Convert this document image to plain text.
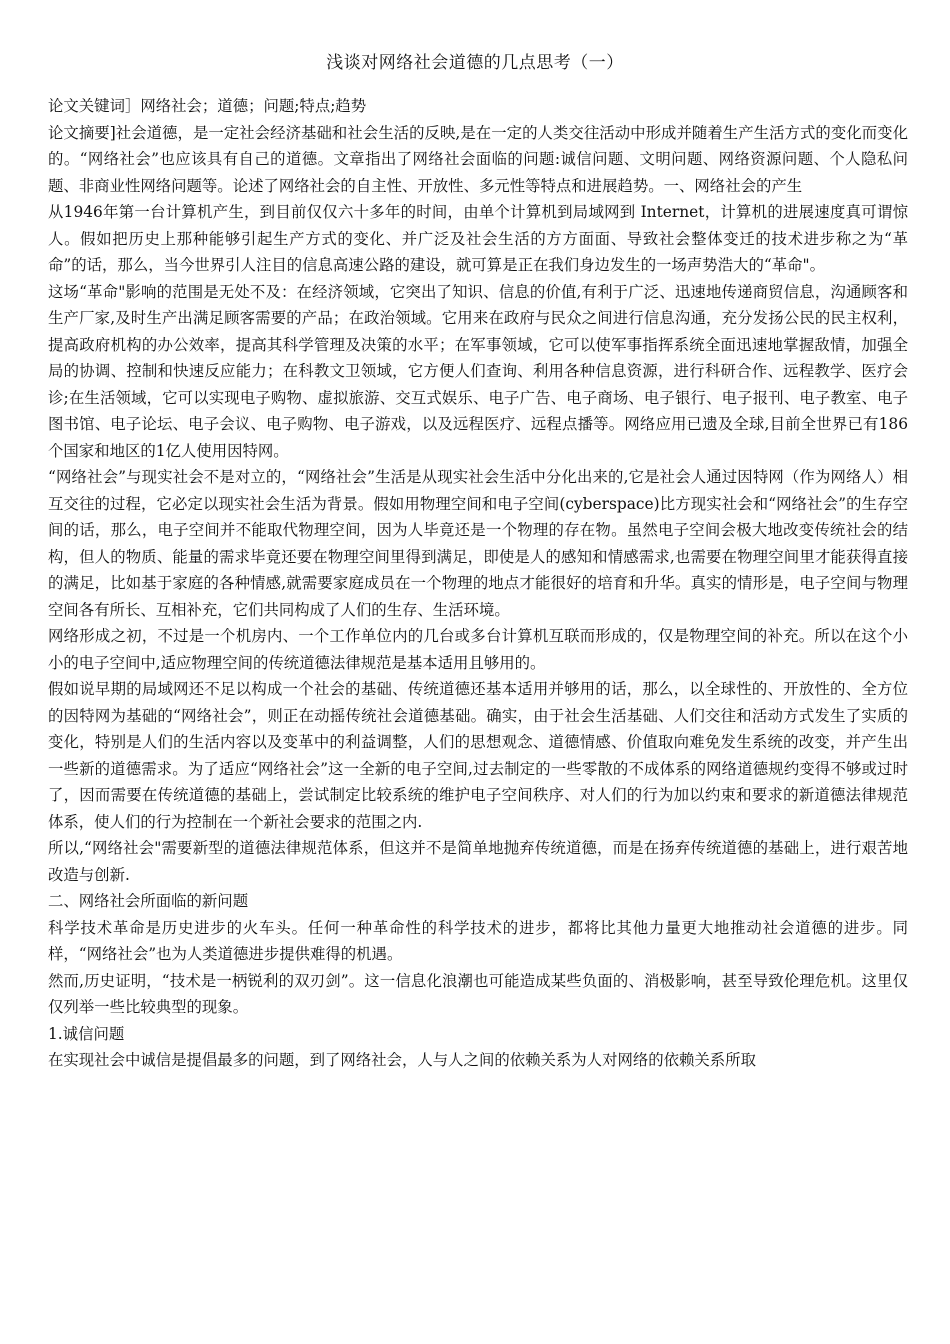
浅谈对网络社会道德的几点思考（一）

论文关键词］网络社会；道德；问题;特点;趋势

论文摘要]社会道德，是一定社会经济基础和社会生活的反映,是在一定的人类交往活动中形成并随着生产生活方式的变化而变化的。“网络社会”也应该具有自己的道德。文章指出了网络社会面临的问题:诚信问题、文明问题、网络资源问题、个人隐私问题、非商业性网络问题等。论述了网络社会的自主性、开放性、多元性等特点和进展趋势。一、网络社会的产生

从1946年第一台计算机产生，到目前仅仅六十多年的时间，由单个计算机到局域网到 Internet，计算机的进展速度真可谓惊人。假如把历史上那种能够引起生产方式的变化、并广泛及社会生活的方方面面、导致社会整体变迁的技术进步称之为“革命”的话，那么，当今世界引人注目的信息高速公路的建设，就可算是正在我们身边发生的一场声势浩大的“革命"。

这场“革命"影响的范围是无处不及：在经济领域，它突出了知识、信息的价值,有利于广泛、迅速地传递商贸信息，沟通顾客和生产厂家,及时生产出满足顾客需要的产品；在政治领域。它用来在政府与民众之间进行信息沟通，充分发扬公民的民主权利，提高政府机构的办公效率，提高其科学管理及决策的水平；在军事领域，它可以使军事指挥系统全面迅速地掌握敌情，加强全局的协调、控制和快速反应能力；在科教文卫领域，它方便人们查询、利用各种信息资源，进行科研合作、远程教学、医疗会诊;在生活领域，它可以实现电子购物、虚拟旅游、交互式娱乐、电子广告、电子商场、电子银行、电子报刊、电子教室、电子图书馆、电子论坛、电子会议、电子购物、电子游戏，以及远程医疗、远程点播等。网络应用已遗及全球,目前全世界已有186个国家和地区的1亿人使用因特网。

“网络社会”与现实社会不是对立的，“网络社会”生活是从现实社会生活中分化出来的,它是社会人通过因特网（作为网络人）相互交往的过程，它必定以现实社会生活为背景。假如用物理空间和电子空间(cyberspace)比方现实社会和“网络社会”的生存空间的话，那么，电子空间并不能取代物理空间，因为人毕竟还是一个物理的存在物。虽然电子空间会极大地改变传统社会的结构，但人的物质、能量的需求毕竟还要在物理空间里得到满足，即使是人的感知和情感需求,也需要在物理空间里才能获得直接的满足，比如基于家庭的各种情感,就需要家庭成员在一个物理的地点才能很好的培育和升华。真实的情形是，电子空间与物理空间各有所长、互相补充，它们共同构成了人们的生存、生活环境。

网络形成之初，不过是一个机房内、一个工作单位内的几台或多台计算机互联而形成的，仅是物理空间的补充。所以在这个小小的电子空间中,适应物理空间的传统道德法律规范是基本适用且够用的。

假如说早期的局域网还不足以构成一个社会的基础、传统道德还基本适用并够用的话，那么，以全球性的、开放性的、全方位的因特网为基础的“网络社会”，则正在动摇传统社会道德基础。确实，由于社会生活基础、人们交往和活动方式发生了实质的变化，特别是人们的生活内容以及变革中的利益调整，人们的思想观念、道德情感、价值取向难免发生系统的改变，并产生出一些新的道德需求。为了适应“网络社会”这一全新的电子空间,过去制定的一些零散的不成体系的网络道德规约变得不够或过时了，因而需要在传统道德的基础上，尝试制定比较系统的维护电子空间秩序、对人们的行为加以约束和要求的新道德法律规范体系，使人们的行为控制在一个新社会要求的范围之内.

所以,“网络社会"需要新型的道德法律规范体系，但这并不是简单地抛弃传统道德，而是在扬弃传统道德的基础上，进行艰苦地改造与创新.

二、网络社会所面临的新问题

科学技术革命是历史进步的火车头。任何一种革命性的科学技术的进步，都将比其他力量更大地推动社会道德的进步。同样，“网络社会”也为人类道德进步提供难得的机遇。

然而,历史证明，“技术是一柄锐利的双刃剑”。这一信息化浪潮也可能造成某些负面的、消极影响，甚至导致伦理危机。这里仅仅列举一些比较典型的现象。

1.诚信问题

在实现社会中诚信是提倡最多的问题，到了网络社会，人与人之间的依赖关系为人对网络的依赖关系所取
